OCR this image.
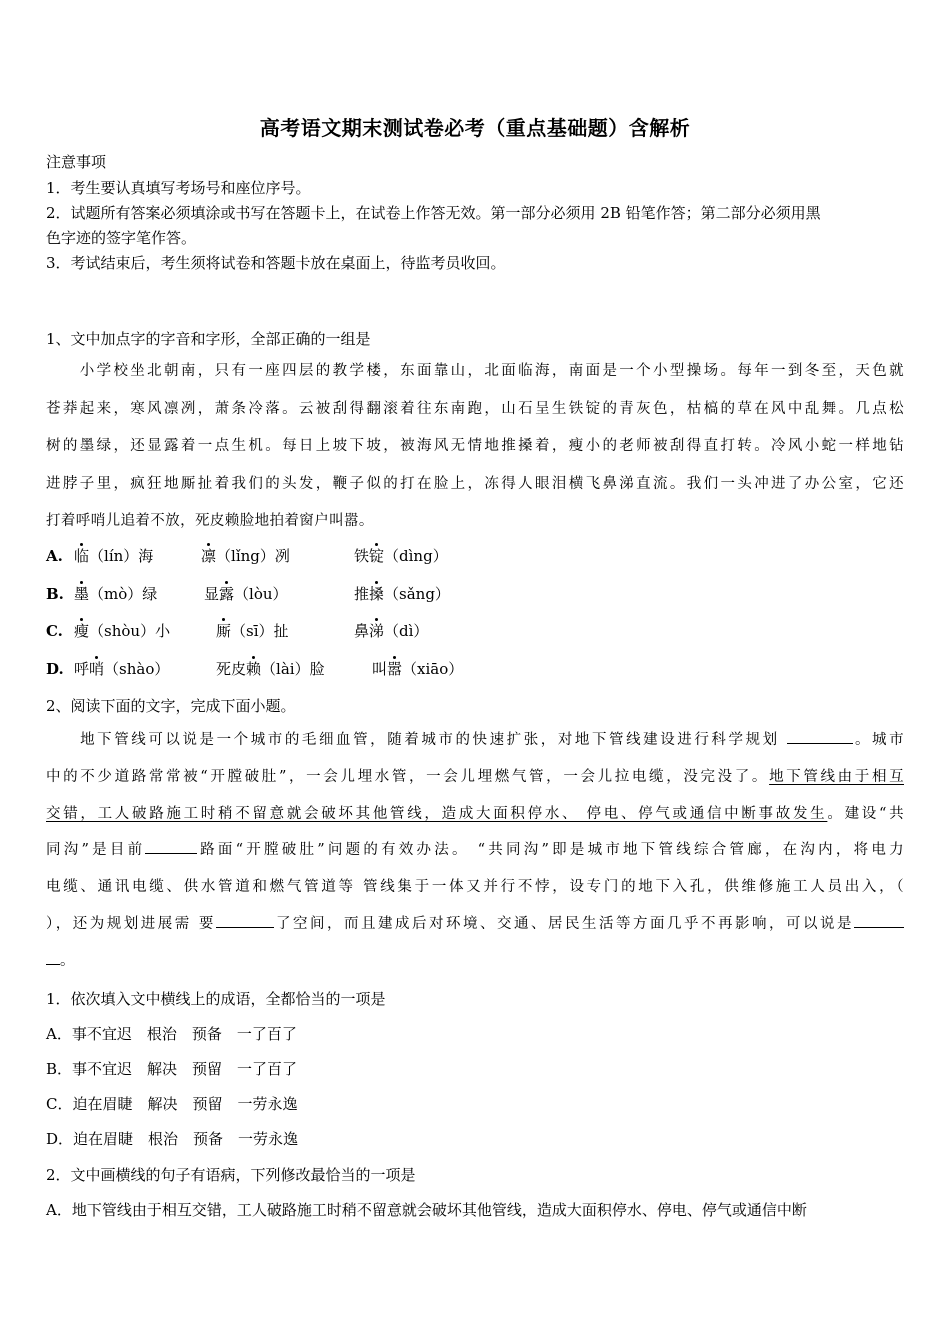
高考语文期末测试卷必考（重点基础题）含解析
注意事项
1．考生要认真填写考场号和座位序号。
2．试题所有答案必须填涂或书写在答题卡上，在试卷上作答无效。第一部分必须用 2B 铅笔作答；第二部分必须用黑
色字迹的签字笔作答。
3．考试结束后，考生须将试卷和答题卡放在桌面上，待监考员收回。
1、文中加点字的字音和字形，全部正确的一组是

　　小学校坐北朝南，只有一座四层的教学楼，东面靠山，北面临海，南面是一个小型操场。每年一到冬至，天色就

苍莽起来，寒风凛冽，萧条冷落。云被刮得翻滚着往东南跑，山石呈生铁锭的青灰色，枯槁的草在风中乱舞。几点松

树的墨绿，还显露着一点生机。每日上坡下坡，被海风无情地推搡着，瘦小的老师被刮得直打转。冷风小蛇一样地钻

进脖子里，疯狂地厮扯着我们的头发，鞭子似的打在脸上，冻得人眼泪横飞鼻涕直流。我们一头冲进了办公室，它还

打着呼哨儿追着不放，死皮赖脸地拍着窗户叫嚣。

A. 临（lín）海	凛（lǐng）冽	铁锭（dìng）
B. 墨（mò）绿	显露（lòu）	推搡（sǎng）
C. 瘦（shòu）小	厮（sī）扯	鼻涕（dì）
D. 呼哨（shào）	死皮赖（lài）脸	叫嚣（xiāo）
2、阅读下面的文字，完成下面小题。

　　地下管线可以说是一个城市的毛细血管，随着城市的快速扩张，对地下管线建设进行科学规划	。城市

中的不少道路常常被“开膛破肚”，一会儿埋水管，一会儿埋燃气管，一会儿拉电缆，没完没了。地下管线由于相互

交错，工人破路施工时稍不留意就会破坏其他管线，造成大面积停水、 停电、停气或通信中断事故发生。建设“共

同沟”是目前	路面“开膛破肚”问题的有效办法。 “共同沟”即是城市地下管线综合管廊，在沟内，将电力

电缆、通讯电缆、供水管道和燃气管道等 管线集于一体又并行不悖，设专门的地下入孔，供维修施工人员出入，（

），还为规划进展需 要	了空间，而且建成后对环境、交通、居民生活等方面几乎不再影响，可以说是

。

1．依次填入文中横线上的成语，全都恰当的一项是
A．事不宜迟　根治　预备　一了百了
B．事不宜迟　解决　预留　一了百了
C．迫在眉睫　解决　预留　一劳永逸
D．迫在眉睫　根治　预备　一劳永逸
2．文中画横线的句子有语病，下列修改最恰当的一项是
A．地下管线由于相互交错，工人破路施工时稍不留意就会破坏其他管线，造成大面积停水、停电、停气或通信中断
